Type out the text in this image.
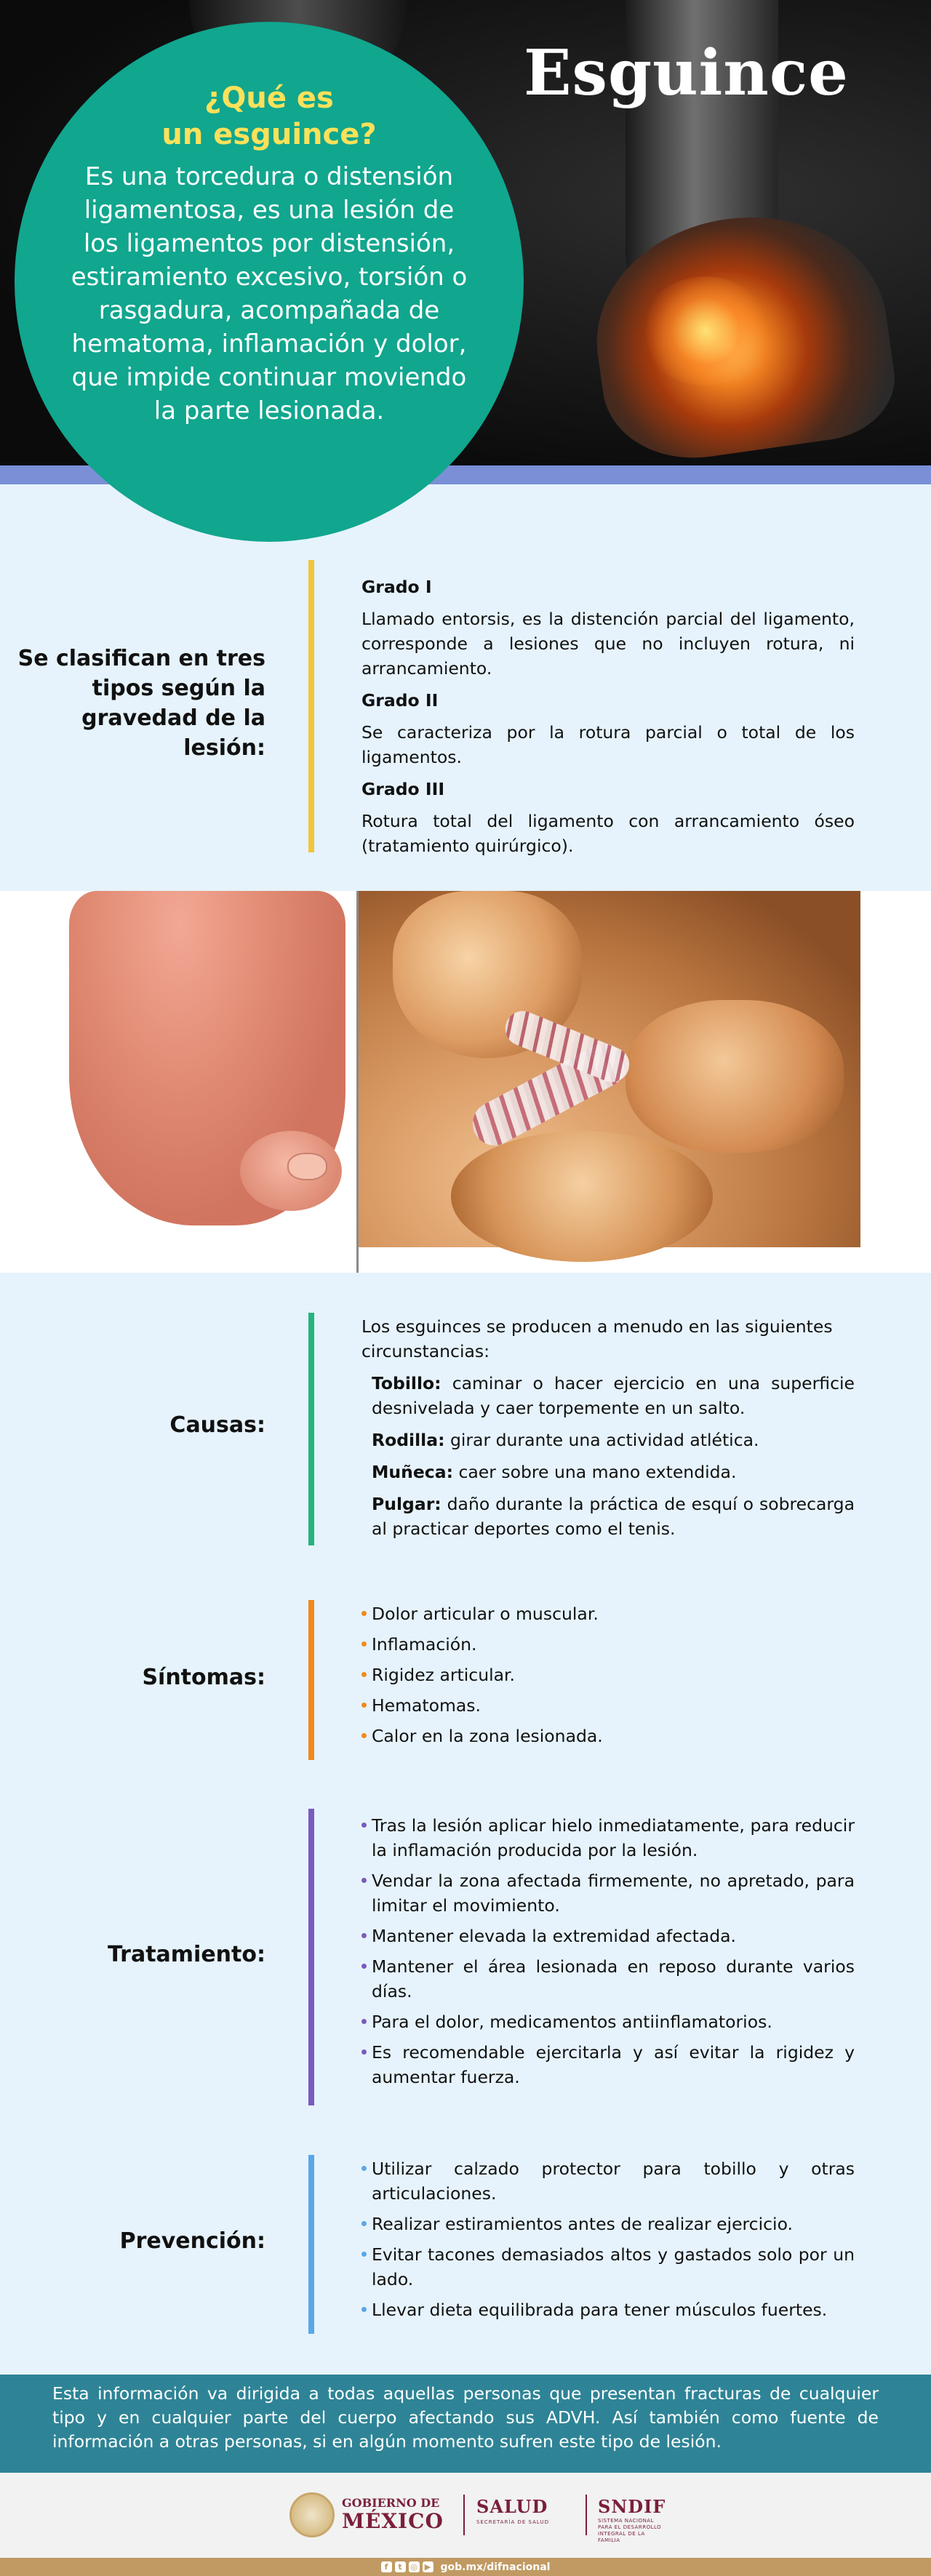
Esguince
¿Qué es
un esguince?
Es una torcedura o distensión ligamentosa, es una lesión de los ligamentos por distensión, estiramiento excesivo, torsión o rasgadura, acompañada de hematoma, inflamación y dolor, que impide continuar moviendo la parte lesionada.
Se clasifican en tres tipos según la gravedad de la lesión:
Grado I

Llamado entorsis, es la distención parcial del ligamento, corresponde a lesiones que no incluyen rotura, ni arrancamiento.

Grado II

Se caracteriza por la rotura parcial o total de los ligamentos.

Grado III

Rotura total del ligamento con arrancamiento óseo (tratamiento quirúrgico).

Causas:

Los esguinces se producen a menudo en las siguientes circunstancias:

Tobillo: caminar o hacer ejercicio en una superficie desnivelada y caer torpemente en un salto.
Rodilla: girar durante una actividad atlética.
Muñeca: caer sobre una mano extendida.
Pulgar: daño durante la práctica de esquí o sobrecarga al practicar deportes como el tenis.
Síntomas:
Dolor articular o muscular.
Inflamación.
Rigidez articular.
Hematomas.
Calor en la zona lesionada.
Tratamiento:
Tras la lesión aplicar hielo inmediatamente, para reducir la inflamación producida por la lesión.
Vendar la zona afectada firmemente, no apretado, para limitar el movimiento.
Mantener elevada la extremidad afectada.
Mantener el área lesionada en reposo durante varios días.
Para el dolor, medicamentos antiinflamatorios.
Es recomendable ejercitarla y así evitar la rigidez y aumentar fuerza.
Prevención:
Utilizar calzado protector para tobillo y otras articulaciones.
Realizar estiramientos antes de realizar ejercicio.
Evitar tacones demasiados altos y gastados solo por un lado.
Llevar dieta equilibrada para tener músculos fuertes.
Esta información va dirigida a todas aquellas personas que presentan fracturas de cualquier tipo y en cualquier parte del cuerpo afectando sus ADVH. Así también como fuente de información a otras personas, si en algún momento sufren este tipo de lesión.
GOBIERNO DE
MÉXICO
SALUD
SECRETARÍA DE SALUD
SNDIF
SISTEMA NACIONAL PARA EL DESARROLLO INTEGRAL DE LA FAMILIA
f	t	◎ ▶ gob.mx/difnacional
